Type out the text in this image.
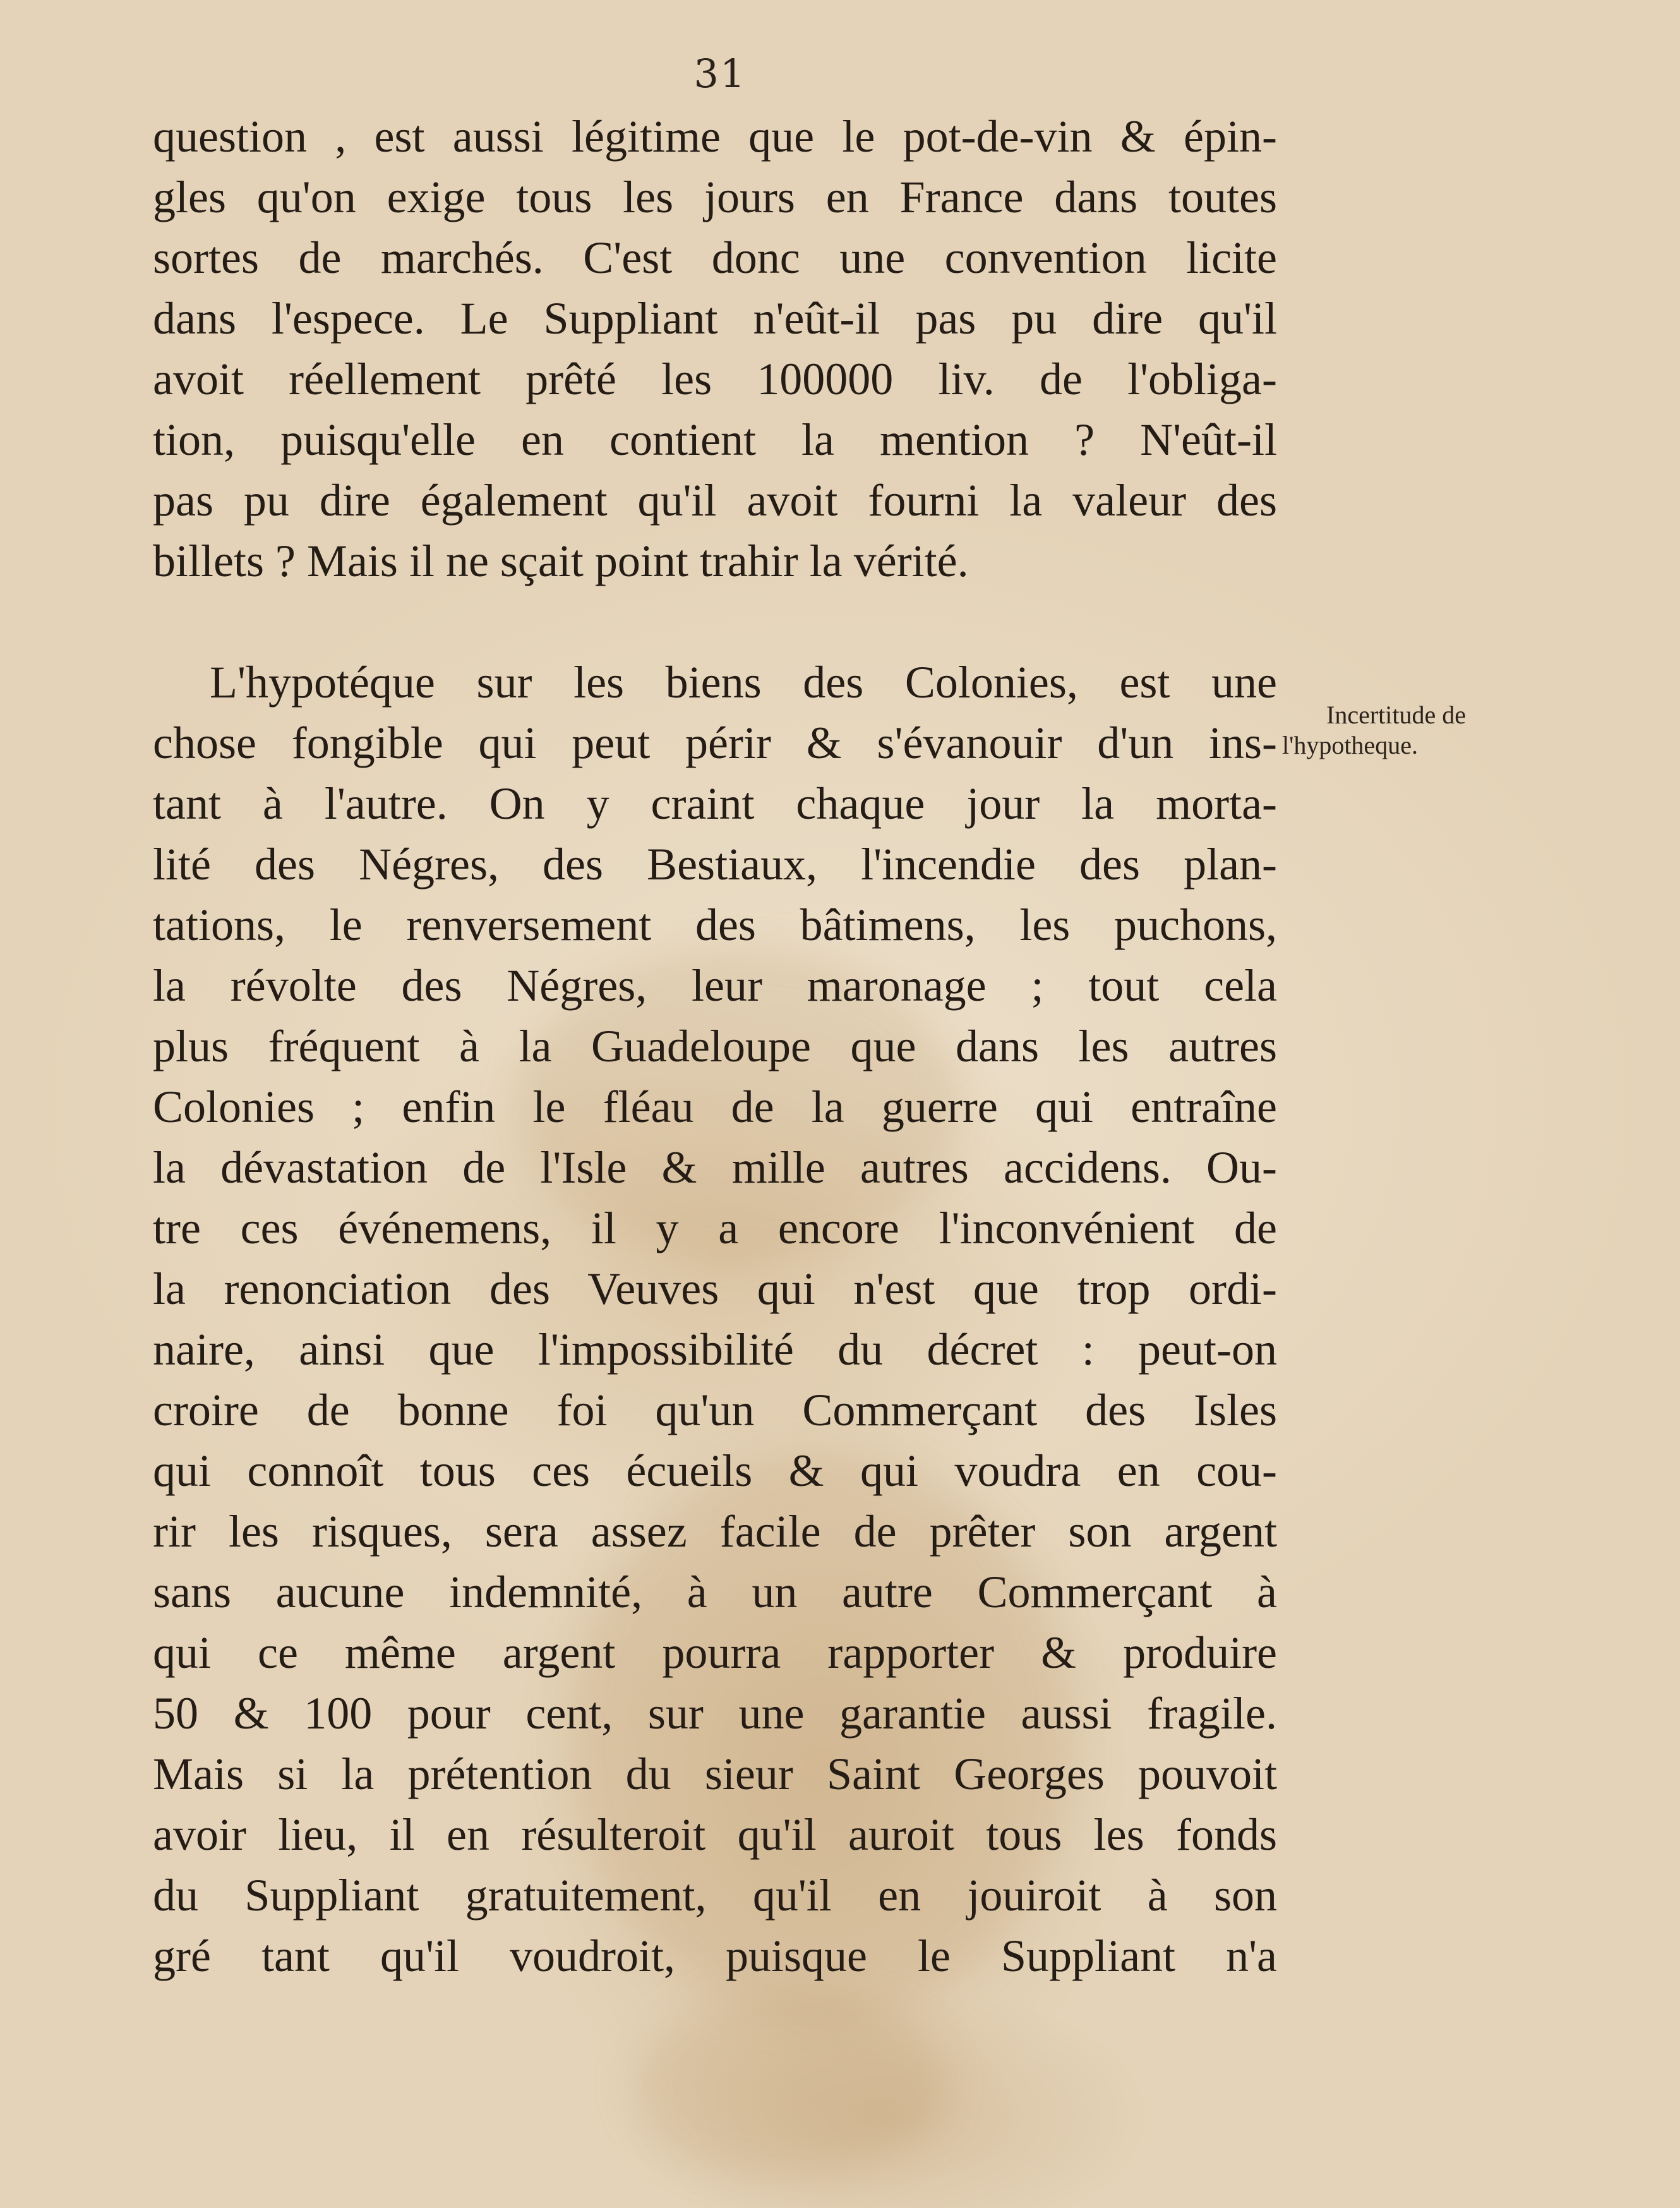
31
Incertitude de
l'hypotheque.
question , est aussi légitime que le pot-de-vin & épin-
gles qu'on exige tous les jours en France dans toutes
sortes de marchés. C'est donc une convention licite
dans l'espece. Le Suppliant n'eût-il pas pu dire qu'il
avoit réellement prêté les 100000 liv. de l'obliga-
tion, puisqu'elle en contient la mention ? N'eût-il
pas pu dire également qu'il avoit fourni la valeur des
billets ? Mais il ne sçait point trahir la vérité.
L'hypotéque sur les biens des Colonies, est une
chose fongible qui peut périr & s'évanouir d'un ins-
tant à l'autre. On y craint chaque jour la morta-
lité des Négres, des Bestiaux, l'incendie des plan-
tations, le renversement des bâtimens, les puchons,
la révolte des Négres, leur maronage ; tout cela
plus fréquent à la Guadeloupe que dans les autres
Colonies ; enfin le fléau de la guerre qui entraîne
la dévastation de l'Isle & mille autres accidens. Ou-
tre ces événemens, il y a encore l'inconvénient de
la renonciation des Veuves qui n'est que trop ordi-
naire, ainsi que l'impossibilité du décret : peut-on
croire de bonne foi qu'un Commerçant des Isles
qui connoît tous ces écueils & qui voudra en cou-
rir les risques, sera assez facile de prêter son argent
sans aucune indemnité, à un autre Commerçant à
qui ce même argent pourra rapporter & produire
50 & 100 pour cent, sur une garantie aussi fragile.
Mais si la prétention du sieur Saint Georges pouvoit
avoir lieu, il en résulteroit qu'il auroit tous les fonds
du Suppliant gratuitement, qu'il en jouiroit à son
gré tant qu'il voudroit, puisque le Suppliant n'a
